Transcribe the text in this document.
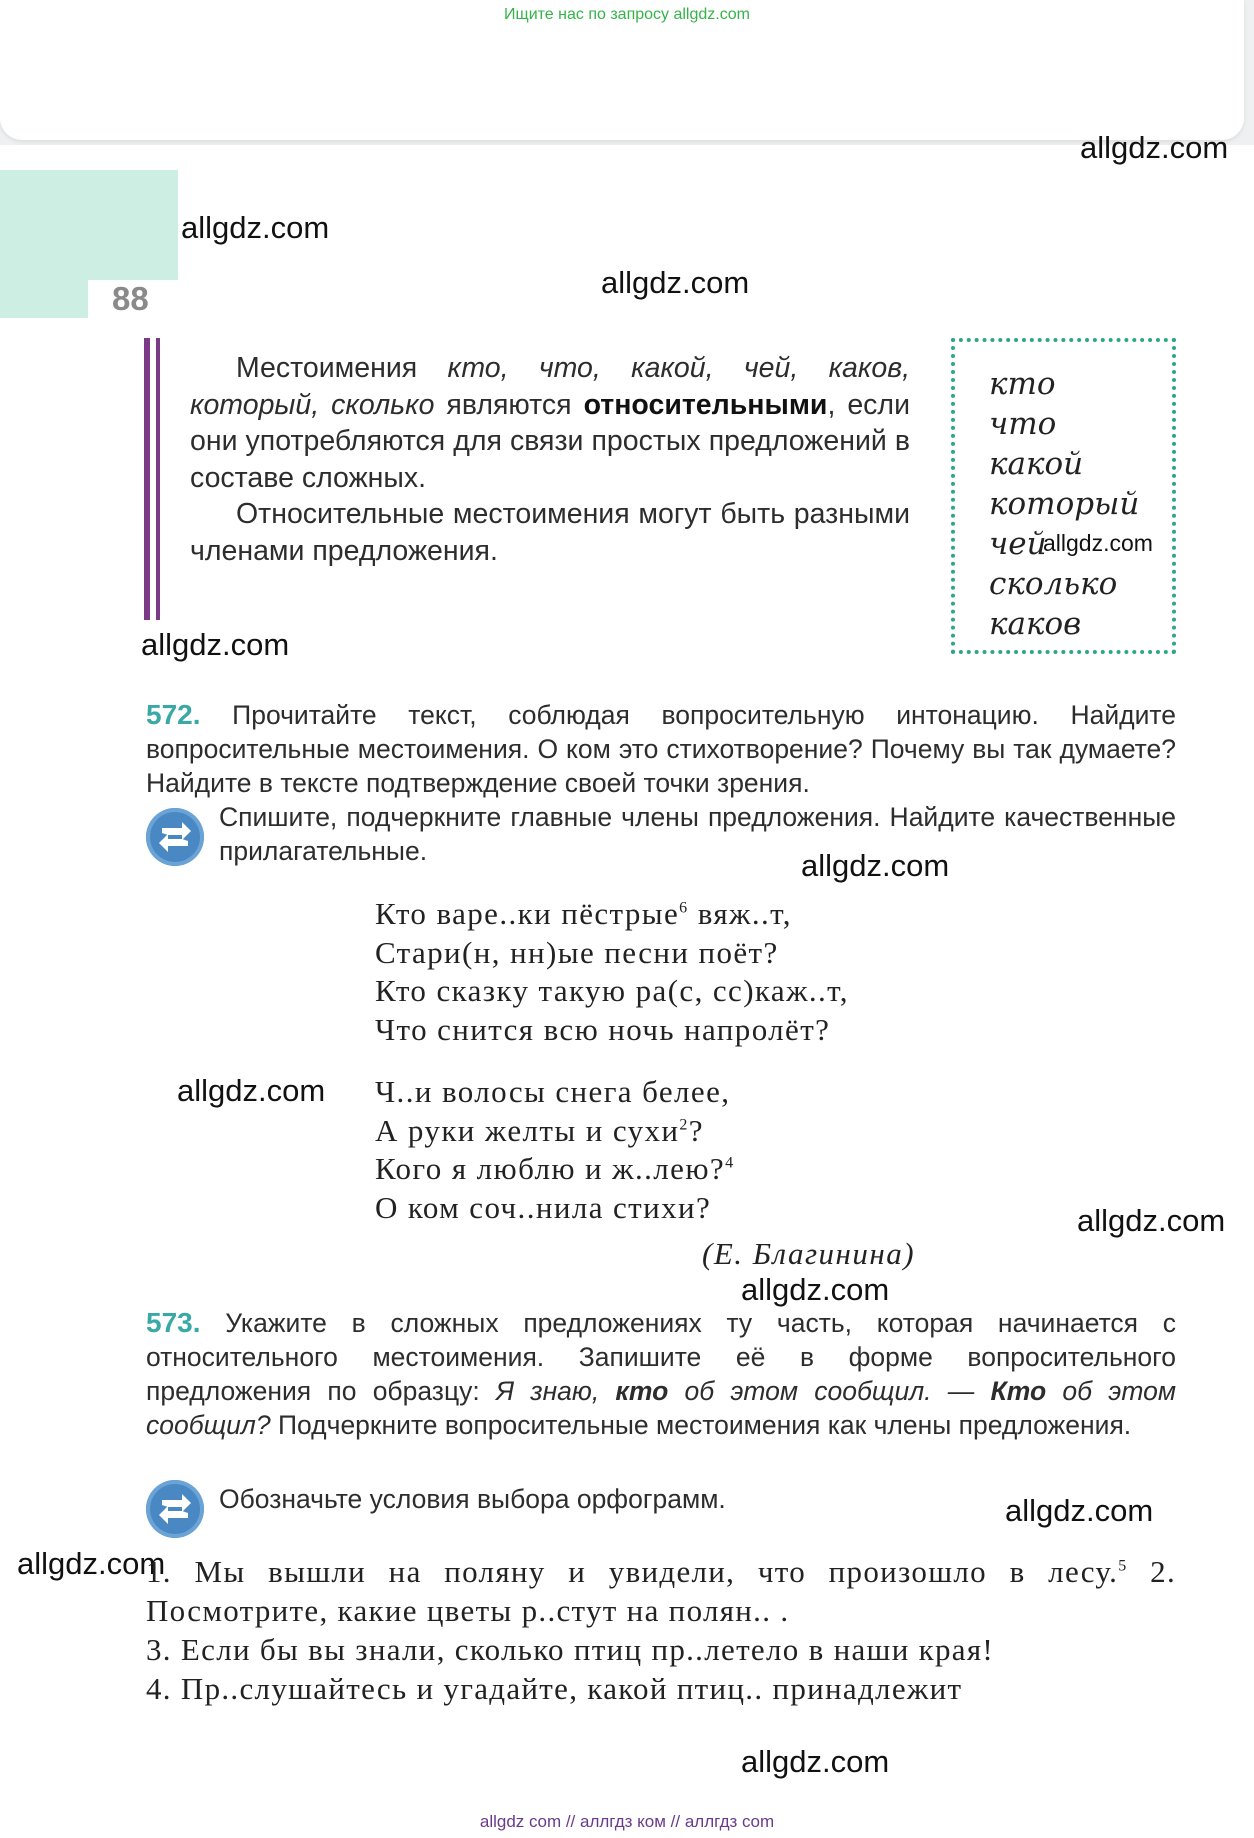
Ищите нас по запросу allgdz.com
88
allgdz.com
allgdz.com
allgdz.com
allgdz.com
allgdz.com
allgdz.com
allgdz.com
allgdz.com
allgdz.com
allgdz.com
allgdz.com

Местоимения кто, что, какой, чей, каков, который, сколько являются относительными, если они употребляются для связи простых предложений в составе сложных.

Относительные местоимения могут быть разными членами предложения.

кто
что
какой
который
чей
сколько
каков
allgdz.com
572. Прочитайте текст, соблюдая вопросительную интонацию. Найдите вопросительные местоимения. О ком это стихотворение? Почему вы так думаете? Найдите в тексте подтверждение своей точки зрения.
Спишите, подчеркните главные члены предложения. Найдите качественные прилагательные.
Кто варе..ки пёстрые$^6$ вяж..т,
Стари(н, нн)ые песни поёт?
Кто сказку такую ра(с, сс)каж..т,
Что снится всю ночь напролёт?
Ч..и волосы снега белее,
А руки желты и сухи$^2$?
Кого я люблю и ж..лею?$^4$
О ком соч..нила стихи?
(Е. Благинина)
573. Укажите в сложных предложениях ту часть, которая начинается с относительного местоимения. Запишите её в форме вопросительного предложения по образцу: Я знаю, кто об этом сообщил. — Кто об этом сообщил? Подчеркните вопросительные местоимения как члены предложения.
Обозначьте условия выбора орфограмм.

1. Мы вышли на поляну и увидели, что произошло в лесу.$^5$ 2. Посмотрите, какие цветы р..стут на полян.. .

3. Если бы вы знали, сколько птиц пр..летело в наши края!

4. Пр..слушайтесь и угадайте, какой птиц.. принадлежит

allgdz com // аллгдз ком // аллгдз com
